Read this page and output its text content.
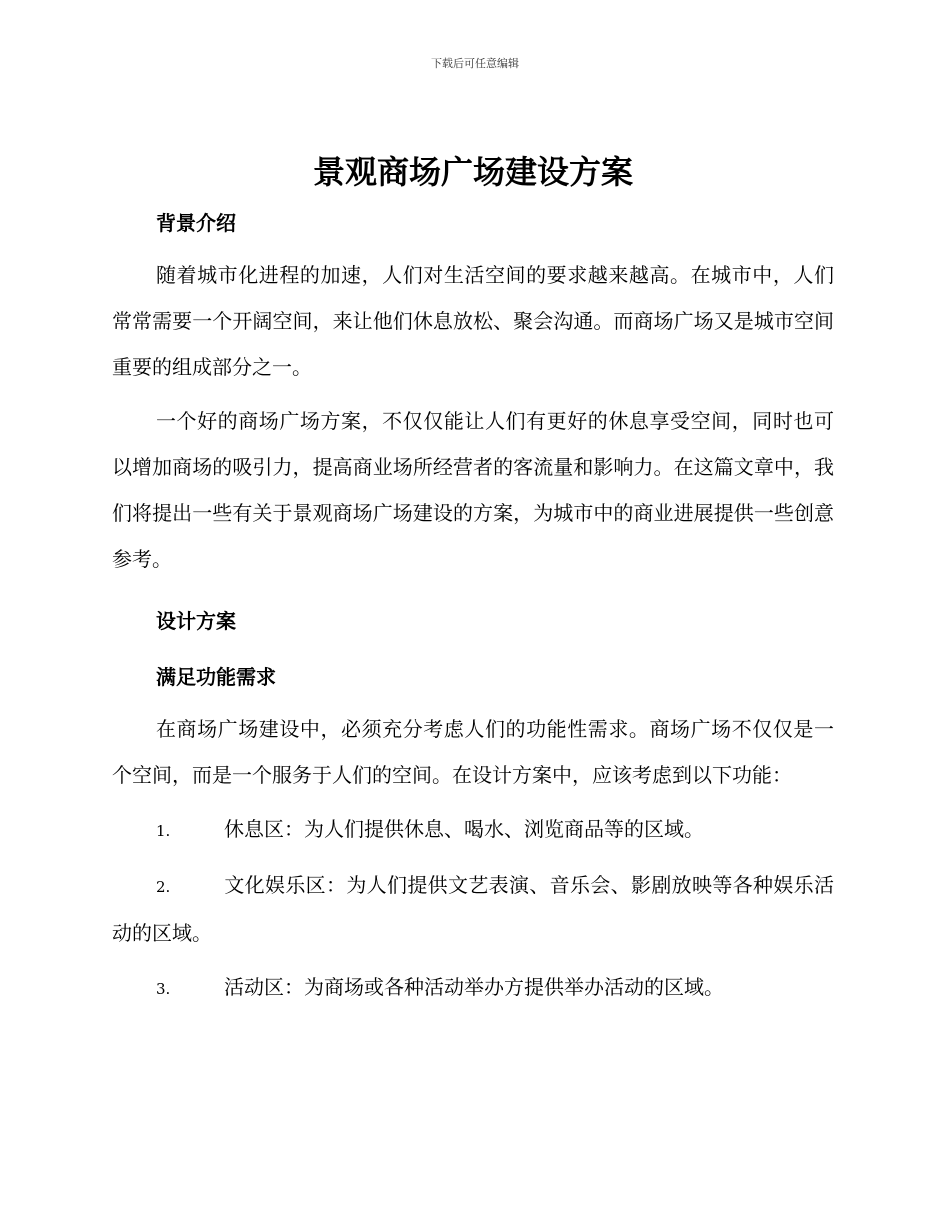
下载后可任意编辑
景观商场广场建设方案
背景介绍

随着城市化进程的加速，人们对生活空间的要求越来越高。在城市中，人们常常需要一个开阔空间，来让他们休息放松、聚会沟通。而商场广场又是城市空间重要的组成部分之一。

一个好的商场广场方案，不仅仅能让人们有更好的休息享受空间，同时也可以增加商场的吸引力，提高商业场所经营者的客流量和影响力。在这篇文章中，我们将提出一些有关于景观商场广场建设的方案，为城市中的商业进展提供一些创意参考。

设计方案
满足功能需求

在商场广场建设中，必须充分考虑人们的功能性需求。商场广场不仅仅是一个空间，而是一个服务于人们的空间。在设计方案中，应该考虑到以下功能：

1.	休息区：为人们提供休息、喝水、浏览商品等的区域。

2.	文化娱乐区：为人们提供文艺表演、音乐会、影剧放映等各种娱乐活动的区域。

3.	活动区：为商场或各种活动举办方提供举办活动的区域。
